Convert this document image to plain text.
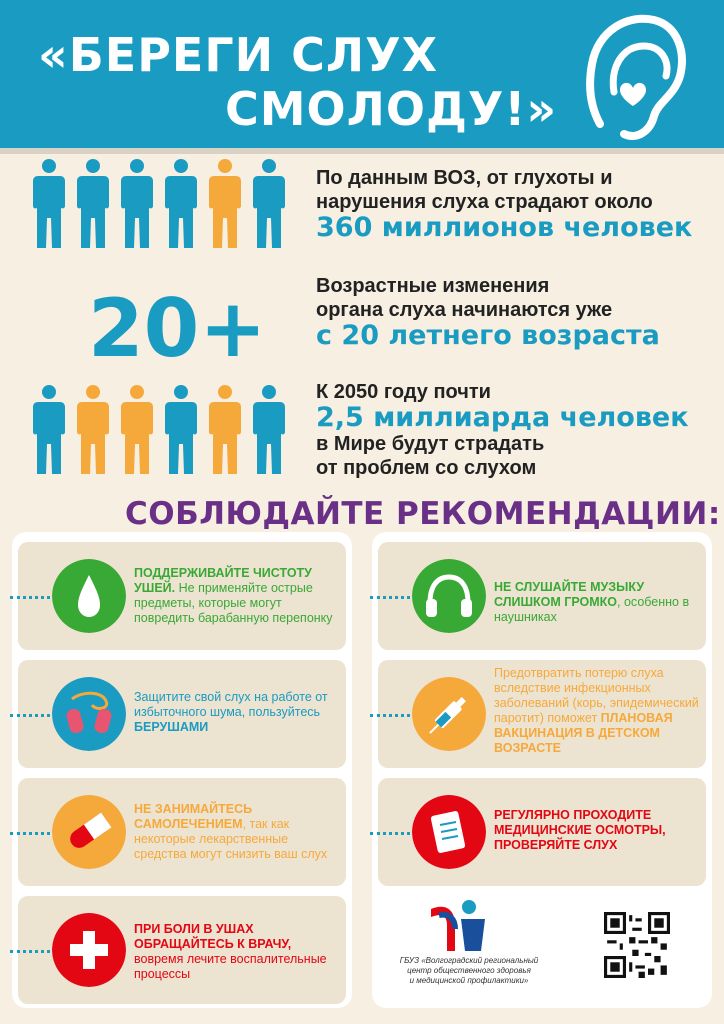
«БЕРЕГИ СЛУХ
СМОЛОДУ!»
По данным ВОЗ, от глухоты и
нарушения слуха страдают около
360 миллионов человек
20+ Возрастные изменения
органа слуха начинаются уже
с 20 летнего возраста
К 2050 году почти
2,5 миллиарда человек
в Мире будут страдать
от проблем со слухом
СОБЛЮДАЙТЕ РЕКОМЕНДАЦИИ:
ПОДДЕРЖИВАЙТЕ ЧИСТОТУ УШЕЙ. Не применяйте острые предметы, которые могут повредить барабанную перепонку
Защитите свой слух на работе от избыточного шума, пользуйтесь БЕРУШАМИ
НЕ ЗАНИМАЙТЕСЬ САМОЛЕЧЕНИЕМ, так как некоторые лекарственные средства могут снизить ваш слух
ПРИ БОЛИ В УШАХ ОБРАЩАЙТЕСЬ К ВРАЧУ, вовремя лечите воспалительные процессы
НЕ СЛУШАЙТЕ МУЗЫКУ СЛИШКОМ ГРОМКО, особенно в наушниках
Предотвратить потерю слуха вследствие инфекционных заболеваний (корь, эпидемический паротит) поможет ПЛАНОВАЯ ВАКЦИНАЦИЯ В ДЕТСКОМ ВОЗРАСТЕ
РЕГУЛЯРНО ПРОХОДИТЕ МЕДИЦИНСКИЕ ОСМОТРЫ, ПРОВЕРЯЙТЕ СЛУХ
ГБУЗ «Волгоградский региональный
центр общественного здоровья
и медицинской профилактики»
